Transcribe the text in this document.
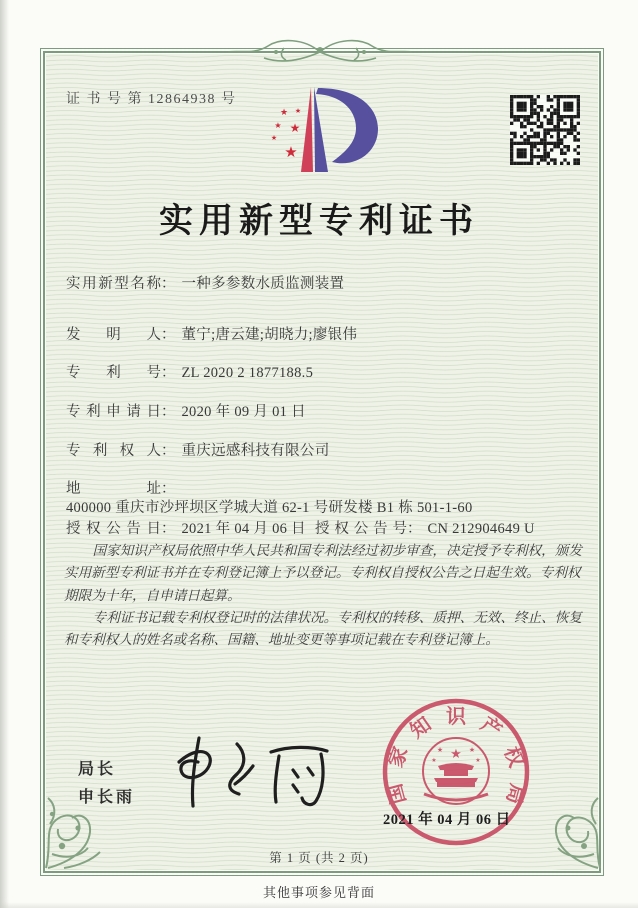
证 书 号 第 12864938 号
★ ★
★ ★
★
★
实用新型专利证书
实用新型名称： 一种多参数水质监测装置
发明人： 董宁;唐云建;胡晓力;廖银伟
专利号： ZL 2020 2 1877188.5
专利申请日： 2020 年 09 月 01 日
专利权人： 重庆远感科技有限公司
地址：400000 重庆市沙坪坝区学城大道 62-1 号研发楼 B1 栋 501-1-60
授权公告日： 2021 年 04 月 06 日 授权公告号： CN 212904649 U

国家知识产权局依照中华人民共和国专利法经过初步审查，决定授予专利权，颁发实用新型专利证书并在专利登记簿上予以登记。专利权自授权公告之日起生效。专利权期限为十年，自申请日起算。

专利证书记载专利权登记时的法律状况。专利权的转移、质押、无效、终止、恢复和专利权人的姓名或名称、国籍、地址变更等事项记载在专利登记簿上。

局长
申长雨
★
★	★
★	★
国
家
知 识 产
权
局
2021 年 04 月 06 日
第 1 页 (共 2 页)
其他事项参见背面
